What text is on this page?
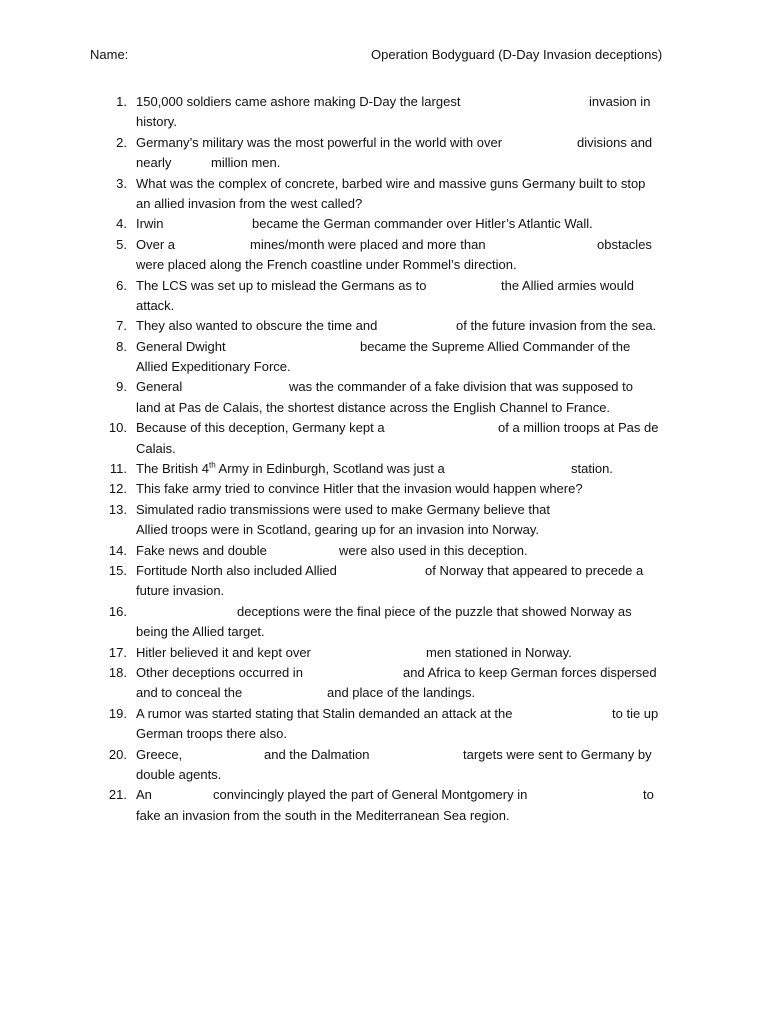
Name:	Operation Bodyguard (D-Day Invasion deceptions)
1. 150,000 soldiers came ashore making D-Day the largest	invasion in
history.
2. Germany’s military was the most powerful in the world with over	divisions and
nearly	million men.
3. What was the complex of concrete, barbed wire and massive guns Germany built to stop
an allied invasion from the west called?
4. Irwin	became the German commander over Hitler’s Atlantic Wall.
5. Over a	mines/month were placed and more than	obstacles
were placed along the French coastline under Rommel’s direction.
6. The LCS was set up to mislead the Germans as to	the Allied armies would
attack.
7. They also wanted to obscure the time and	of the future invasion from the sea.
8. General Dwight	became the Supreme Allied Commander of the
Allied Expeditionary Force.
9. General	was the commander of a fake division that was supposed to
land at Pas de Calais, the shortest distance across the English Channel to France.
10. Because of this deception, Germany kept a	of a million troops at Pas de
Calais.
11. The British 4th Army in Edinburgh, Scotland was just a	station.
12. This fake army tried to convince Hitler that the invasion would happen where?
13. Simulated radio transmissions were used to make Germany believe that
Allied troops were in Scotland, gearing up for an invasion into Norway.
14. Fake news and double	were also used in this deception.
15. Fortitude North also included Allied	of Norway that appeared to precede a
future invasion.
16.	deceptions were the final piece of the puzzle that showed Norway as
being the Allied target.
17. Hitler believed it and kept over	men stationed in Norway.
18. Other deceptions occurred in	and Africa to keep German forces dispersed
and to conceal the	and place of the landings.
19. A rumor was started stating that Stalin demanded an attack at the	to tie up
German troops there also.
20. Greece,	and the Dalmation	targets were sent to Germany by
double agents.
21. An	convincingly played the part of General Montgomery in	to
fake an invasion from the south in the Mediterranean Sea region.
